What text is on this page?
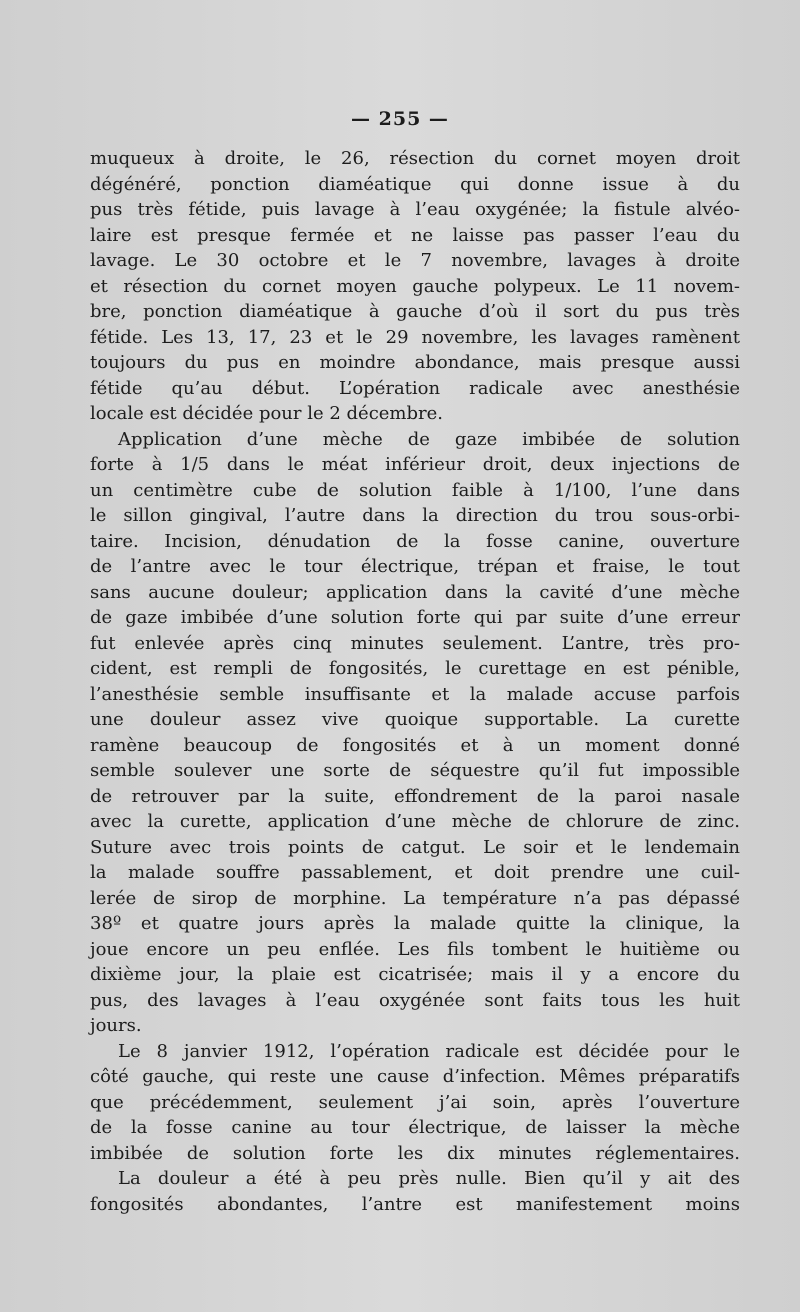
— 255 —
muqueux à droite, le 26, résection du cornet moyen droit
dégénéré, ponction diaméatique qui donne issue à du
pus très fétide, puis lavage à l’eau oxygénée; la fistule alvéo-
laire est presque fermée et ne laisse pas passer l’eau du
lavage. Le 30 octobre et le 7 novembre, lavages à droite
et résection du cornet moyen gauche polypeux. Le 11 novem-
bre, ponction diaméatique à gauche d’où il sort du pus très
fétide. Les 13, 17, 23 et le 29 novembre, les lavages ramènent
toujours du pus en moindre abondance, mais presque aussi
fétide qu’au début. L’opération radicale avec anesthésie
locale est décidée pour le 2 décembre.
Application d’une mèche de gaze imbibée de solution
forte à 1/5 dans le méat inférieur droit, deux injections de
un centimètre cube de solution faible à 1/100, l’une dans
le sillon gingival, l’autre dans la direction du trou sous-orbi-
taire. Incision, dénudation de la fosse canine, ouverture
de l’antre avec le tour électrique, trépan et fraise, le tout
sans aucune douleur; application dans la cavité d’une mèche
de gaze imbibée d’une solution forte qui par suite d’une erreur
fut enlevée après cinq minutes seulement. L’antre, très pro-
cident, est rempli de fongosités, le curettage en est pénible,
l’anesthésie semble insuffisante et la malade accuse parfois
une douleur assez vive quoique supportable. La curette
ramène beaucoup de fongosités et à un moment donné
semble soulever une sorte de séquestre qu’il fut impossible
de retrouver par la suite, effondrement de la paroi nasale
avec la curette, application d’une mèche de chlorure de zinc.
Suture avec trois points de catgut. Le soir et le lendemain
la malade souffre passablement, et doit prendre une cuil-
lerée de sirop de morphine. La température n’a pas dépassé
38º et quatre jours après la malade quitte la clinique, la
joue encore un peu enflée. Les fils tombent le huitième ou
dixième jour, la plaie est cicatrisée; mais il y a encore du
pus, des lavages à l’eau oxygénée sont faits tous les huit
jours.
Le 8 janvier 1912, l’opération radicale est décidée pour le
côté gauche, qui reste une cause d’infection. Mêmes préparatifs
que précédemment, seulement j’ai soin, après l’ouverture
de la fosse canine au tour électrique, de laisser la mèche
imbibée de solution forte les dix minutes réglementaires.
La douleur a été à peu près nulle. Bien qu’il y ait des
fongosités abondantes, l’antre est manifestement moins
